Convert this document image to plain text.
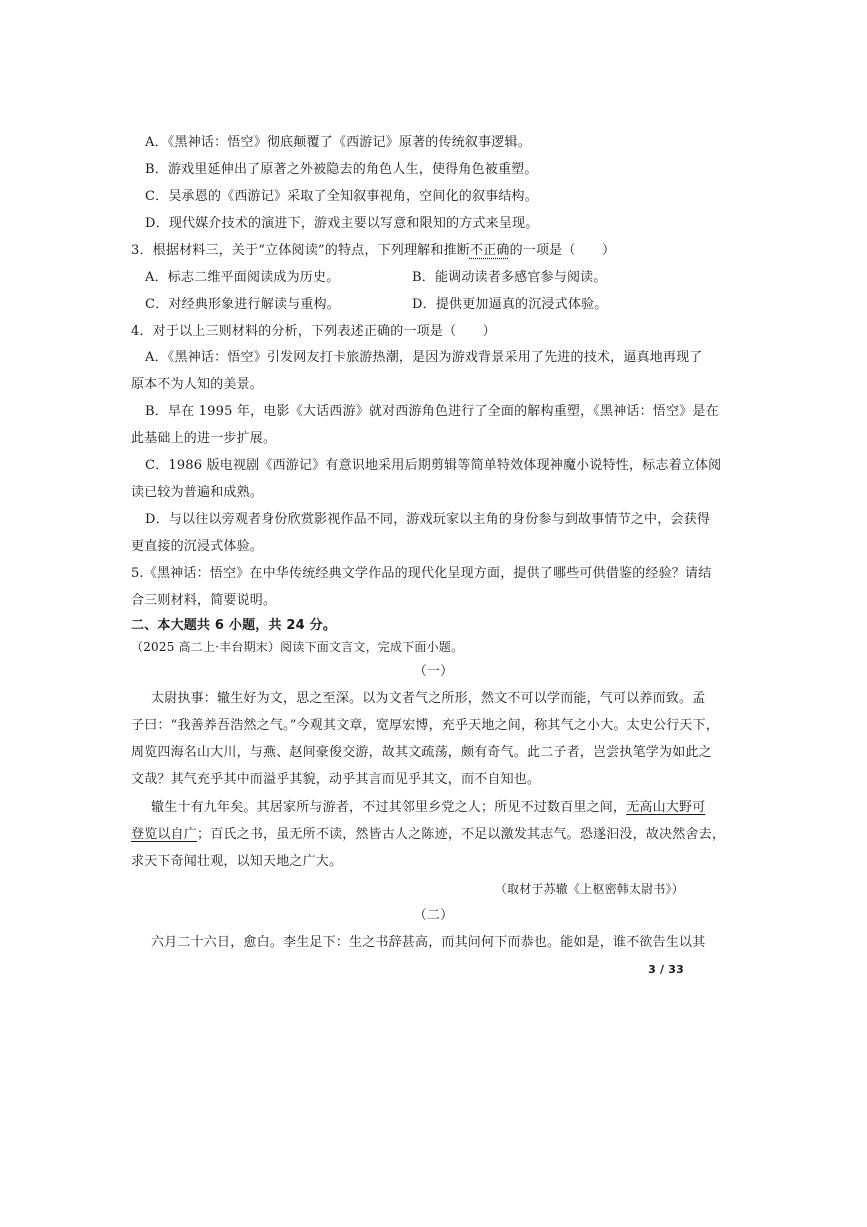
A．《黑神话：悟空》彻底颠覆了《西游记》原著的传统叙事逻辑。
B．游戏里延伸出了原著之外被隐去的角色人生，使得角色被重塑。
C．吴承恩的《西游记》采取了全知叙事视角，空间化的叙事结构。
D．现代媒介技术的演进下，游戏主要以写意和限知的方式来呈现。
3．根据材料三，关于“立体阅读”的特点，下列理解和推断不正确的一项是（　　）
A．标志二维平面阅读成为历史。	B．能调动读者多感官参与阅读。
C．对经典形象进行解读与重构。	D．提供更加逼真的沉浸式体验。
4．对于以上三则材料的分析，下列表述正确的一项是（　　）
A．《黑神话：悟空》引发网友打卡旅游热潮，是因为游戏背景采用了先进的技术，逼真地再现了
原本不为人知的美景。
B．早在 1995 年，电影《大话西游》就对西游角色进行了全面的解构重塑，《黑神话：悟空》是在
此基础上的进一步扩展。
C．1986 版电视剧《西游记》有意识地采用后期剪辑等简单特效体现神魔小说特性，标志着立体阅
读已较为普遍和成熟。
D．与以往以旁观者身份欣赏影视作品不同，游戏玩家以主角的身份参与到故事情节之中，会获得
更直接的沉浸式体验。
5.《黑神话：悟空》在中华传统经典文学作品的现代化呈现方面，提供了哪些可供借鉴的经验？请结
合三则材料，简要说明。
二、本大题共 6 小题，共 24 分。
（2025 高二上·丰台期末）阅读下面文言文，完成下面小题。
（一）
太尉执事：辙生好为文，思之至深。以为文者气之所形，然文不可以学而能，气可以养而致。孟
子曰：“我善养吾浩然之气。”今观其文章，宽厚宏博，充乎天地之间，称其气之小大。太史公行天下，
周览四海名山大川，与燕、赵间豪俊交游，故其文疏荡，颇有奇气。此二子者，岂尝执笔学为如此之
文哉？其气充乎其中而溢乎其貌，动乎其言而见乎其文，而不自知也。
辙生十有九年矣。其居家所与游者，不过其邻里乡党之人；所见不过数百里之间，无高山大野可
登览以自广；百氏之书，虽无所不读，然皆古人之陈迹，不足以激发其志气。恐遂汩没，故决然舍去，
求天下奇闻壮观，以知天地之广大。
（取材于苏辙《上枢密韩太尉书》）
（二）
六月二十六日，愈白。李生足下：生之书辞甚高，而其问何下而恭也。能如是，谁不欲告生以其
3 / 33
